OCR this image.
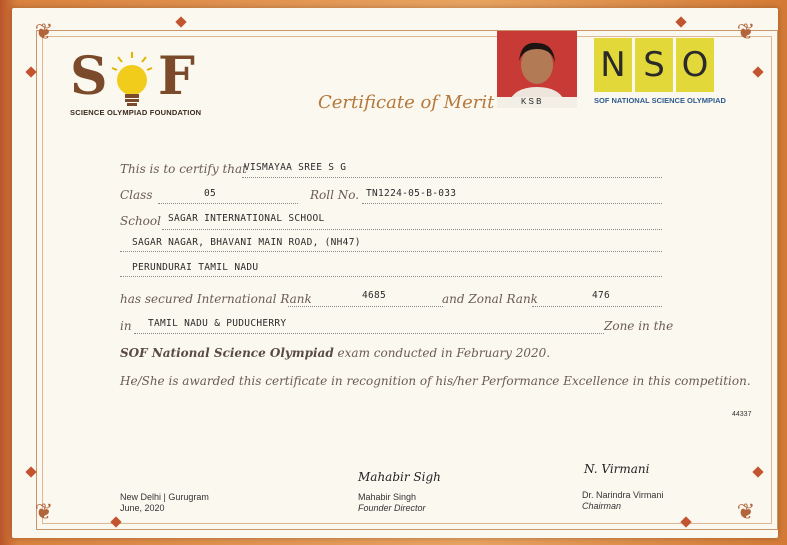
❦	❦
❦	❦
S F
SCIENCE OLYMPIAD FOUNDATION	Certificate of Merit	K S B
N S O
SOF NATIONAL SCIENCE OLYMPIAD
This is to certify that
VISMAYAA SREE S G
Class	05	Roll No. TN1224-05-B-033
School SAGAR INTERNATIONAL SCHOOL
SAGAR NAGAR, BHAVANI MAIN ROAD, (NH47)
PERUNDURAI TAMIL NADU
has secured International Rank	4685	and Zonal Rank	476
in TAMIL NADU & PUDUCHERRY	Zone in the
SOF National Science Olympiad exam conducted in February 2020.
He/She is awarded this certificate in recognition of his/her Performance Excellence in this competition.
44337
New Delhi | Gurugram
June, 2020
Mahabir Sigh
Mahabir Singh
Founder Director
N. Virmani
Dr. Narindra Virmani
Chairman
